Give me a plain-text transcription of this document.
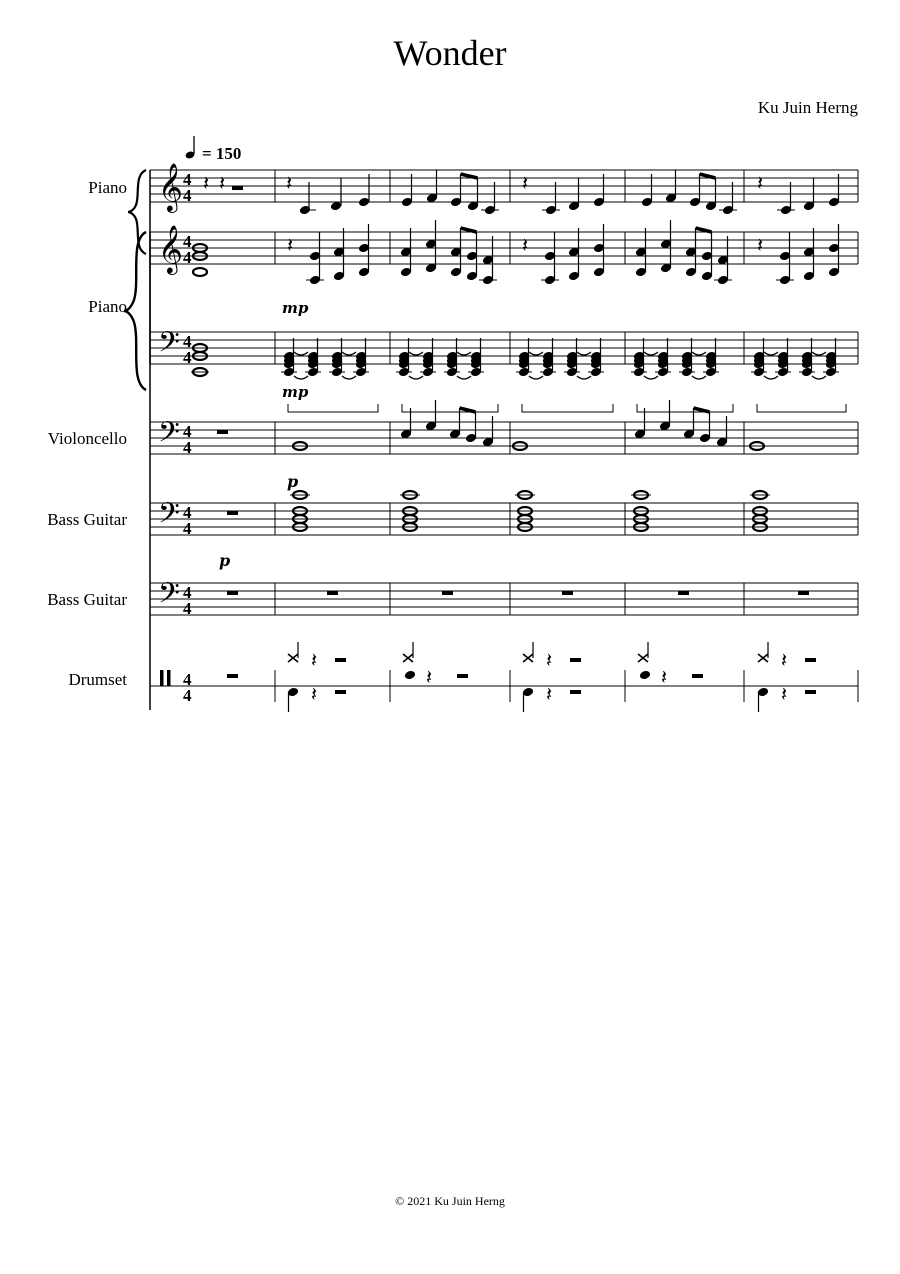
Wonder
Ku Juin Herng
Piano
Piano
Violoncello
Bass Guitar
Bass Guitar
Drumset
= 150
𝄞 4
4
𝄞 4
4
𝄢 4
4
𝄢 4
4
𝄢 4
4
𝄢 4
4
4
4
𝄽 𝄽	𝄽	𝄽	𝄽
𝄽	𝄽	𝄽
𝄽
𝄽
𝄽
𝄽
𝄽
𝄽
𝄽	𝄽
mp
mp
p
p
© 2021 Ku Juin Herng
